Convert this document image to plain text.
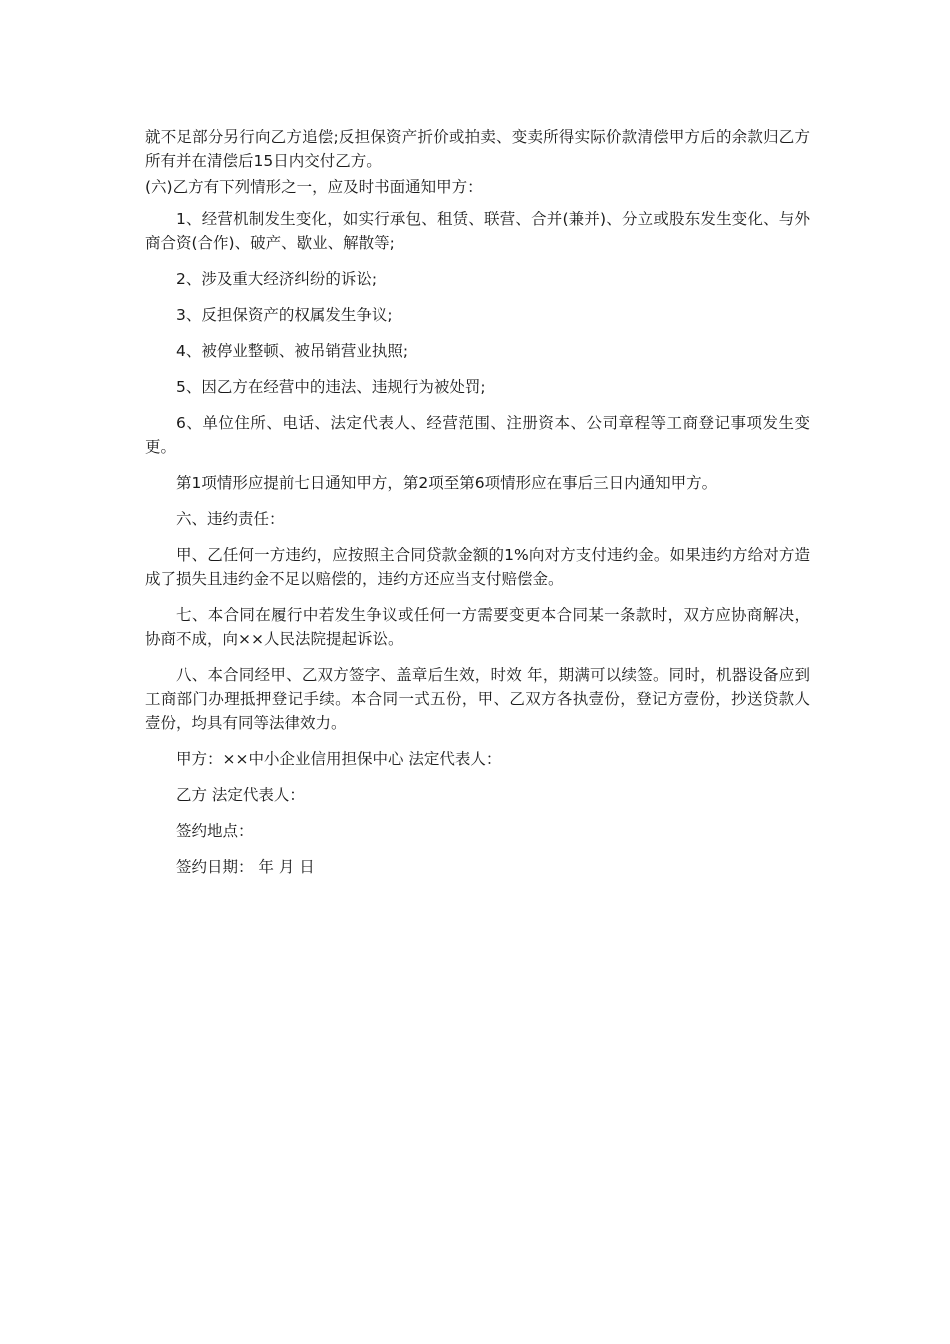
就不足部分另行向乙方追偿;反担保资产折价或拍卖、变卖所得实际价款清偿甲方后的余款归乙方所有并在清偿后15日内交付乙方。

(六)乙方有下列情形之一，应及时书面通知甲方：

1、经营机制发生变化，如实行承包、租赁、联营、合并(兼并)、分立或股东发生变化、与外商合资(合作)、破产、歇业、解散等;

2、涉及重大经济纠纷的诉讼;

3、反担保资产的权属发生争议;

4、被停业整顿、被吊销营业执照;

5、因乙方在经营中的违法、违规行为被处罚;

6、单位住所、电话、法定代表人、经营范围、注册资本、公司章程等工商登记事项发生变更。

第1项情形应提前七日通知甲方，第2项至第6项情形应在事后三日内通知甲方。

六、违约责任：

甲、乙任何一方违约，应按照主合同贷款金额的1%向对方支付违约金。如果违约方给对方造成了损失且违约金不足以赔偿的，违约方还应当支付赔偿金。

七、本合同在履行中若发生争议或任何一方需要变更本合同某一条款时，双方应协商解决，协商不成，向××人民法院提起诉讼。

八、本合同经甲、乙双方签字、盖章后生效，时效 年，期满可以续签。同时，机器设备应到工商部门办理抵押登记手续。本合同一式五份，甲、乙双方各执壹份，登记方壹份，抄送贷款人壹份，均具有同等法律效力。

甲方：××中小企业信用担保中心 法定代表人：

乙方 法定代表人：

签约地点：

签约日期： 年 月 日
